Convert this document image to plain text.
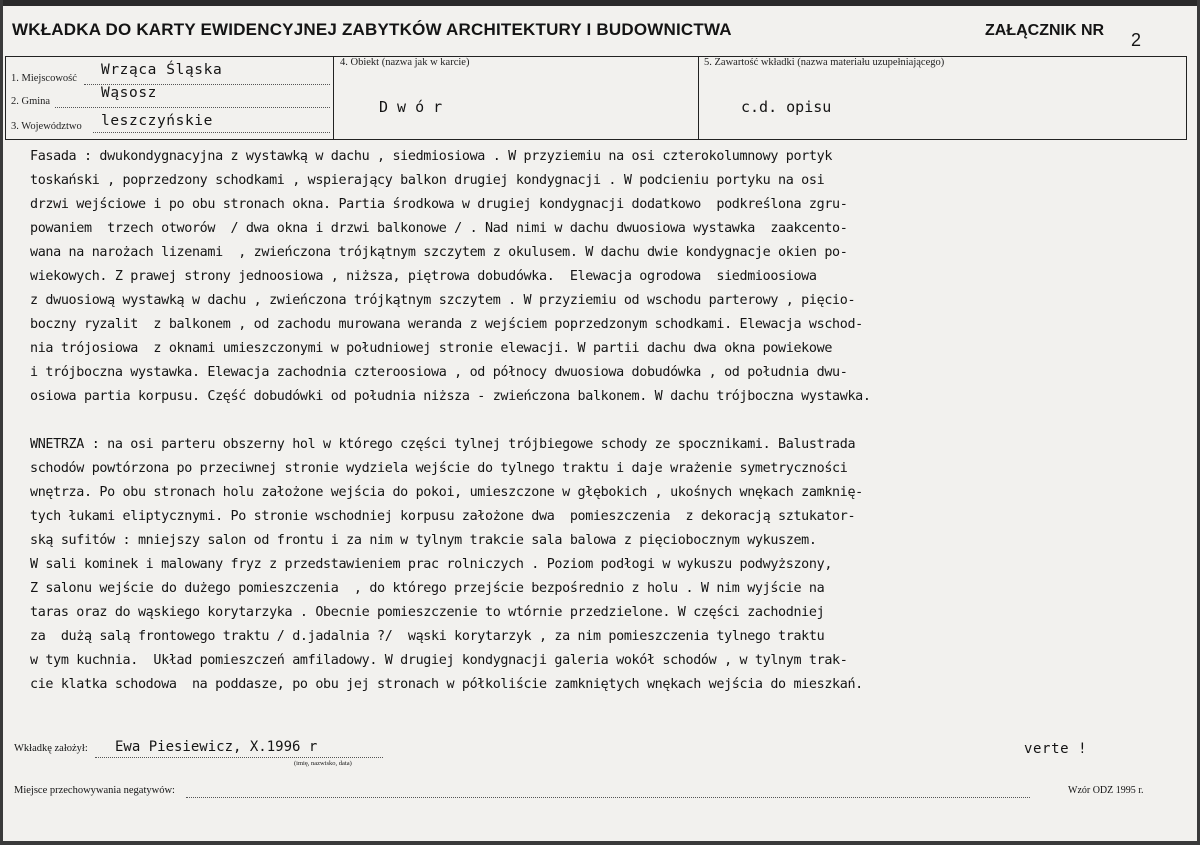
WKŁADKA DO KARTY EWIDENCYJNEJ ZABYTKÓW ARCHITEKTURY I BUDOWNICTWA	ZAŁĄCZNIK NR 2
1. Miejscowość
Wrząca Śląska
2. Gmina
Wąsosz
3. Województwo leszczyńskie
4. Obiekt (nazwa jak w karcie)
D w ó r
5. Zawartość wkładki (nazwa materiału uzupełniającego)
c.d. opisu
Fasada : dwukondygnacyjna z wystawką w dachu , siedmiosiowa . W przyziemiu na osi czterokolumnowy portyk
toskański , poprzedzony schodkami , wspierający balkon drugiej kondygnacji . W podcieniu portyku na osi
drzwi wejściowe i po obu stronach okna. Partia środkowa w drugiej kondygnacji dodatkowo  podkreślona zgru-
powaniem  trzech otworów  / dwa okna i drzwi balkonowe / . Nad nimi w dachu dwuosiowa wystawka  zaakcento-
wana na narożach lizenami  , zwieńczona trójkątnym szczytem z okulusem. W dachu dwie kondygnacje okien po-
wiekowych. Z prawej strony jednoosiowa , niższa, piętrowa dobudówka.  Elewacja ogrodowa  siedmioosiowa
z dwuosiową wystawką w dachu , zwieńczona trójkątnym szczytem . W przyziemiu od wschodu parterowy , pięcio-
boczny ryzalit  z balkonem , od zachodu murowana weranda z wejściem poprzedzonym schodkami. Elewacja wschod-
nia trójosiowa  z oknami umieszczonymi w południowej stronie elewacji. W partii dachu dwa okna powiekowe
i trójboczna wystawka. Elewacja zachodnia czteroosiowa , od północy dwuosiowa dobudówka , od południa dwu-
osiowa partia korpusu. Część dobudówki od południa niższa - zwieńczona balkonem. W dachu trójboczna wystawka.
WNETRZA : na osi parteru obszerny hol w którego części tylnej trójbiegowe schody ze spocznikami. Balustrada
schodów powtórzona po przeciwnej stronie wydziela wejście do tylnego traktu i daje wrażenie symetryczności
wnętrza. Po obu stronach holu założone wejścia do pokoi, umieszczone w głębokich , ukośnych wnękach zamknię-
tych łukami eliptycznymi. Po stronie wschodniej korpusu założone dwa  pomieszczenia  z dekoracją sztukator-
ską sufitów : mniejszy salon od frontu i za nim w tylnym trakcie sala balowa z pięciobocznym wykuszem.
W sali kominek i malowany fryz z przedstawieniem prac rolniczych . Poziom podłogi w wykuszu podwyższony,
Z salonu wejście do dużego pomieszczenia  , do którego przejście bezpośrednio z holu . W nim wyjście na
taras oraz do wąskiego korytarzyka . Obecnie pomieszczenie to wtórnie przedzielone. W części zachodniej
za  dużą salą frontowego traktu / d.jadalnia ?/  wąski korytarzyk , za nim pomieszczenia tylnego traktu
w tym kuchnia.  Układ pomieszczeń amfiladowy. W drugiej kondygnacji galeria wokół schodów , w tylnym trak-
cie klatka schodowa  na poddasze, po obu jej stronach w półkoliście zamkniętych wnękach wejścia do mieszkań.
Wkładkę założył: Ewa Piesiewicz, X.1996 r
(imię, nazwisko, data)
verte !
Miejsce przechowywania negatywów:	Wzór ODZ 1995 r.
